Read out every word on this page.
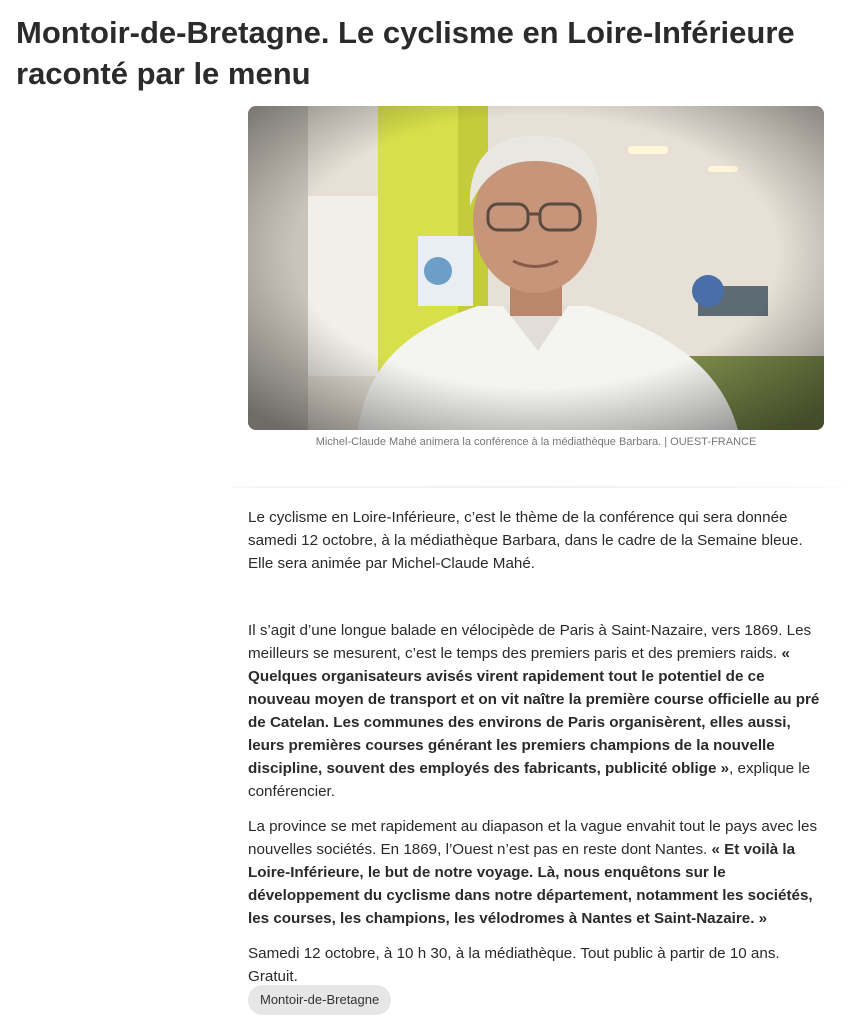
Montoir-de-Bretagne. Le cyclisme en Loire-Inférieure raconté par le menu
Michel-Claude Mahé animera la conférence à la médiathèque Barbara. | OUEST-FRANCE

Le cyclisme en Loire-Inférieure, c’est le thème de la conférence qui sera donnée samedi 12 octobre, à la médiathèque Barbara, dans le cadre de la Semaine bleue. Elle sera animée par Michel-Claude Mahé.

Il s’agit d’une longue balade en vélocipède de Paris à Saint-Nazaire, vers 1869. Les meilleurs se mesurent, c’est le temps des premiers paris et des premiers raids. « Quelques organisateurs avisés virent rapidement tout le potentiel de ce nouveau moyen de transport et on vit naître la première course officielle au pré de Catelan. Les communes des environs de Paris organisèrent, elles aussi, leurs premières courses générant les premiers champions de la nouvelle discipline, souvent des employés des fabricants, publicité oblige », explique le conférencier.

La province se met rapidement au diapason et la vague envahit tout le pays avec les nouvelles sociétés. En 1869, l’Ouest n’est pas en reste dont Nantes. « Et voilà la Loire-Inférieure, le but de notre voyage. Là, nous enquêtons sur le développement du cyclisme dans notre département, notamment les sociétés, les courses, les champions, les vélodromes à Nantes et Saint-Nazaire. »

Samedi 12 octobre, à 10 h 30, à la médiathèque. Tout public à partir de 10 ans. Gratuit.

Montoir-de-Bretagne
